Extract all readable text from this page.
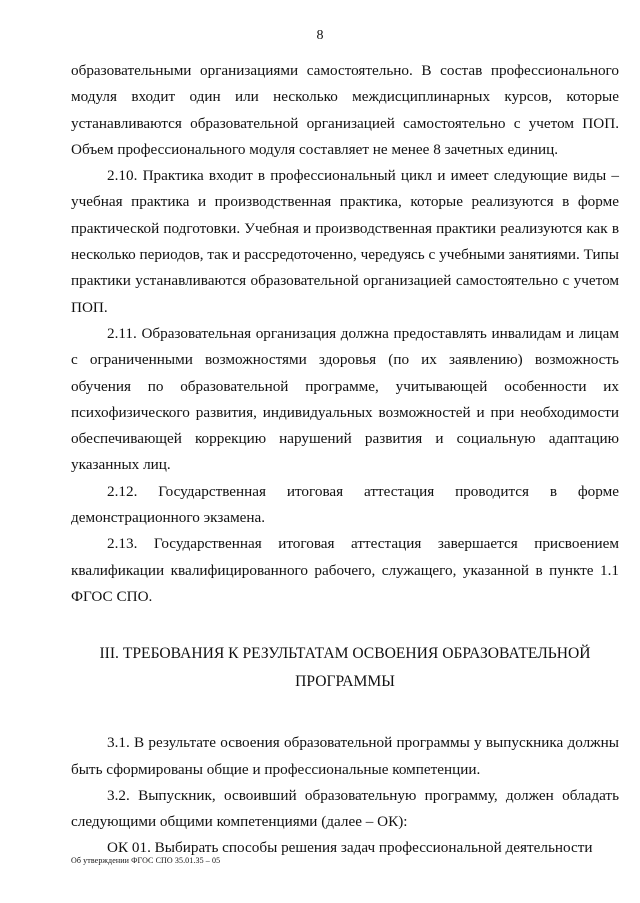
8

образовательными организациями самостоятельно. В состав профессионального модуля входит один или несколько междисциплинарных курсов, которые устанавливаются образовательной организацией самостоятельно с учетом ПОП. Объем профессионального модуля составляет не менее 8 зачетных единиц.

2.10. Практика входит в профессиональный цикл и имеет следующие виды – учебная практика и производственная практика, которые реализуются в форме практической подготовки. Учебная и производственная практики реализуются как в несколько периодов, так и рассредоточенно, чередуясь с учебными занятиями. Типы практики устанавливаются образовательной организацией самостоятельно с учетом ПОП.

2.11. Образовательная организация должна предоставлять инвалидам и лицам с ограниченными возможностями здоровья (по их заявлению) возможность обучения по образовательной программе, учитывающей особенности их психофизического развития, индивидуальных возможностей и при необходимости обеспечивающей коррекцию нарушений развития и социальную адаптацию указанных лиц.

2.12. Государственная итоговая аттестация проводится в форме демонстрационного экзамена.

2.13. Государственная итоговая аттестация завершается присвоением квалификации квалифицированного рабочего, служащего, указанной в пункте 1.1 ФГОС СПО.

III. ТРЕБОВАНИЯ К РЕЗУЛЬТАТАМ ОСВОЕНИЯ ОБРАЗОВАТЕЛЬНОЙ ПРОГРАММЫ

3.1. В результате освоения образовательной программы у выпускника должны быть сформированы общие и профессиональные компетенции.

3.2. Выпускник, освоивший образовательную программу, должен обладать следующими общими компетенциями (далее – ОК):

ОК 01. Выбирать способы решения задач профессиональной деятельности

Об утверждении ФГОС СПО 35.01.35 – 05
